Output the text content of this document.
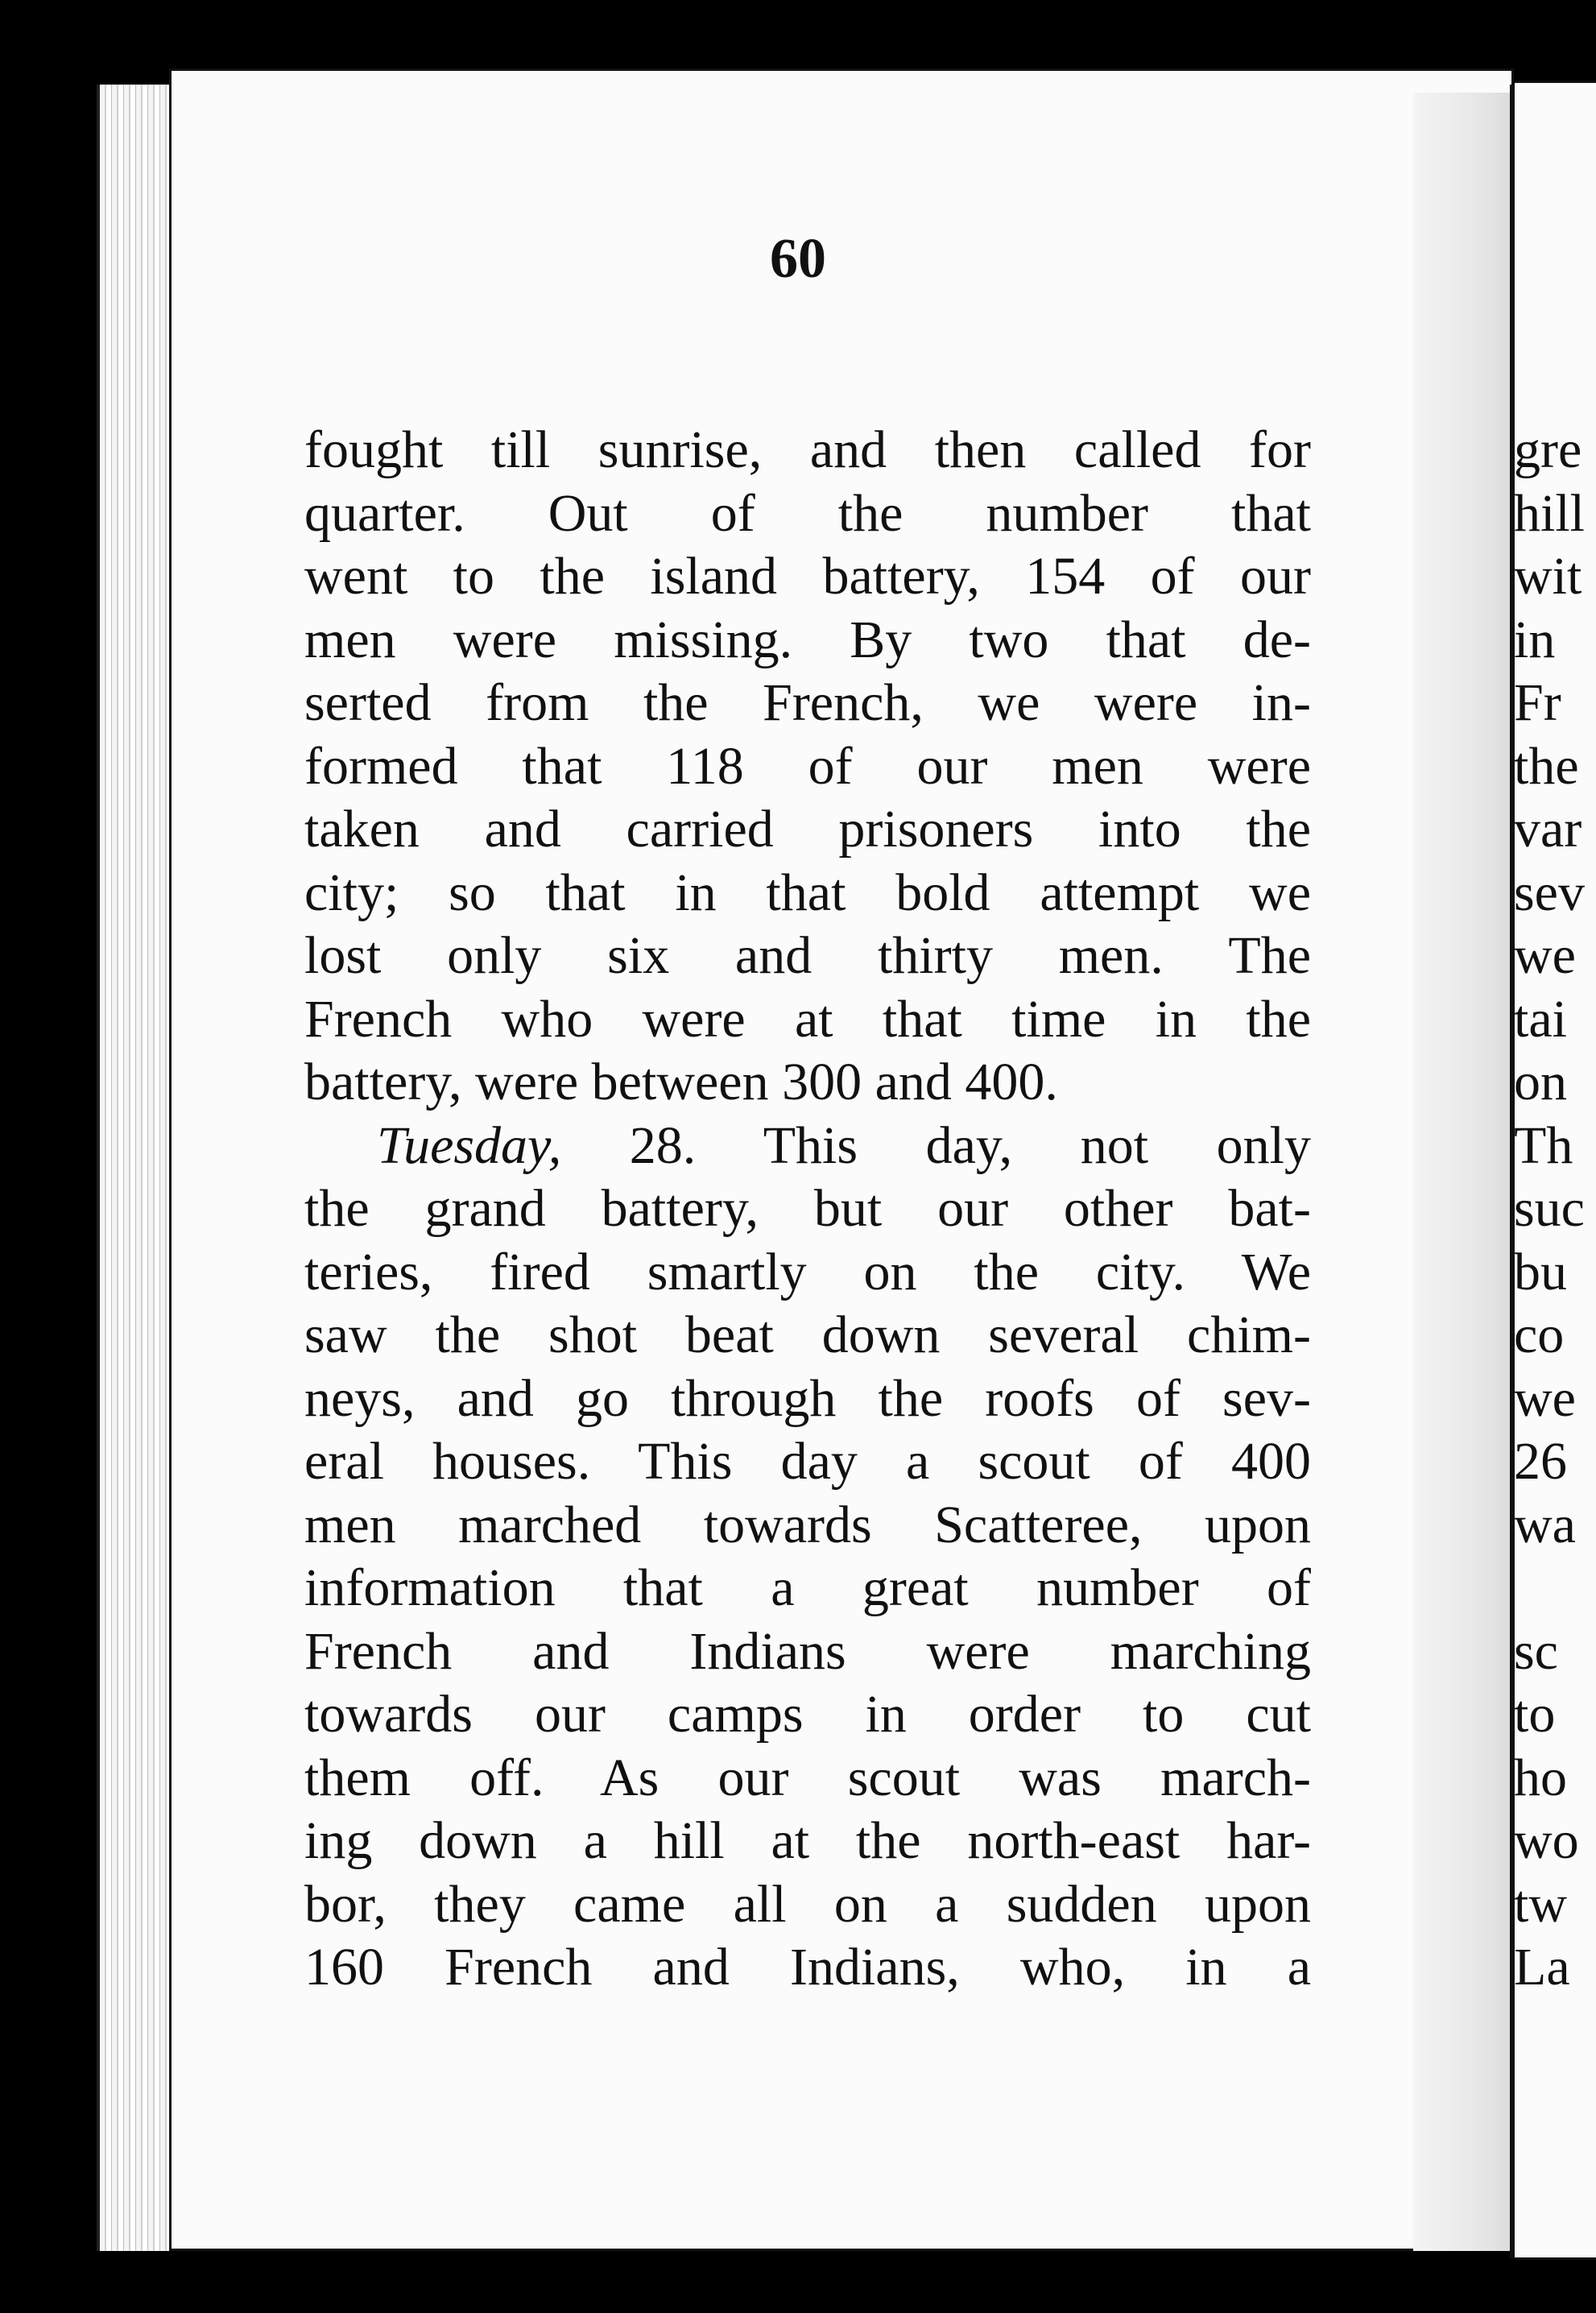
60
fought till sunrise, and then called for
quarter. Out of the number that
went to the island battery, 154 of our
men were missing. By two that de-
serted from the French, we were in-
formed that 118 of our men were
taken and carried prisoners into the
city; so that in that bold attempt we
lost only six and thirty men. The
French who were at that time in the
battery, were between 300 and 400.
Tuesday, 28. This day, not only
the grand battery, but our other bat-
teries, fired smartly on the city. We
saw the shot beat down several chim-
neys, and go through the roofs of sev-
eral houses. This day a scout of 400
men marched towards Scatteree, upon
information that a great number of
French and Indians were marching
towards our camps in order to cut
them off. As our scout was march-
ing down a hill at the north-east har-
bor, they came all on a sudden upon
160 French and Indians, who, in a
gre
hill
wit
in
Fr
the
var
sev
we
tai
on
Th
suc
bu
co
we
26
wa
sc
to
ho
wo
tw
La
